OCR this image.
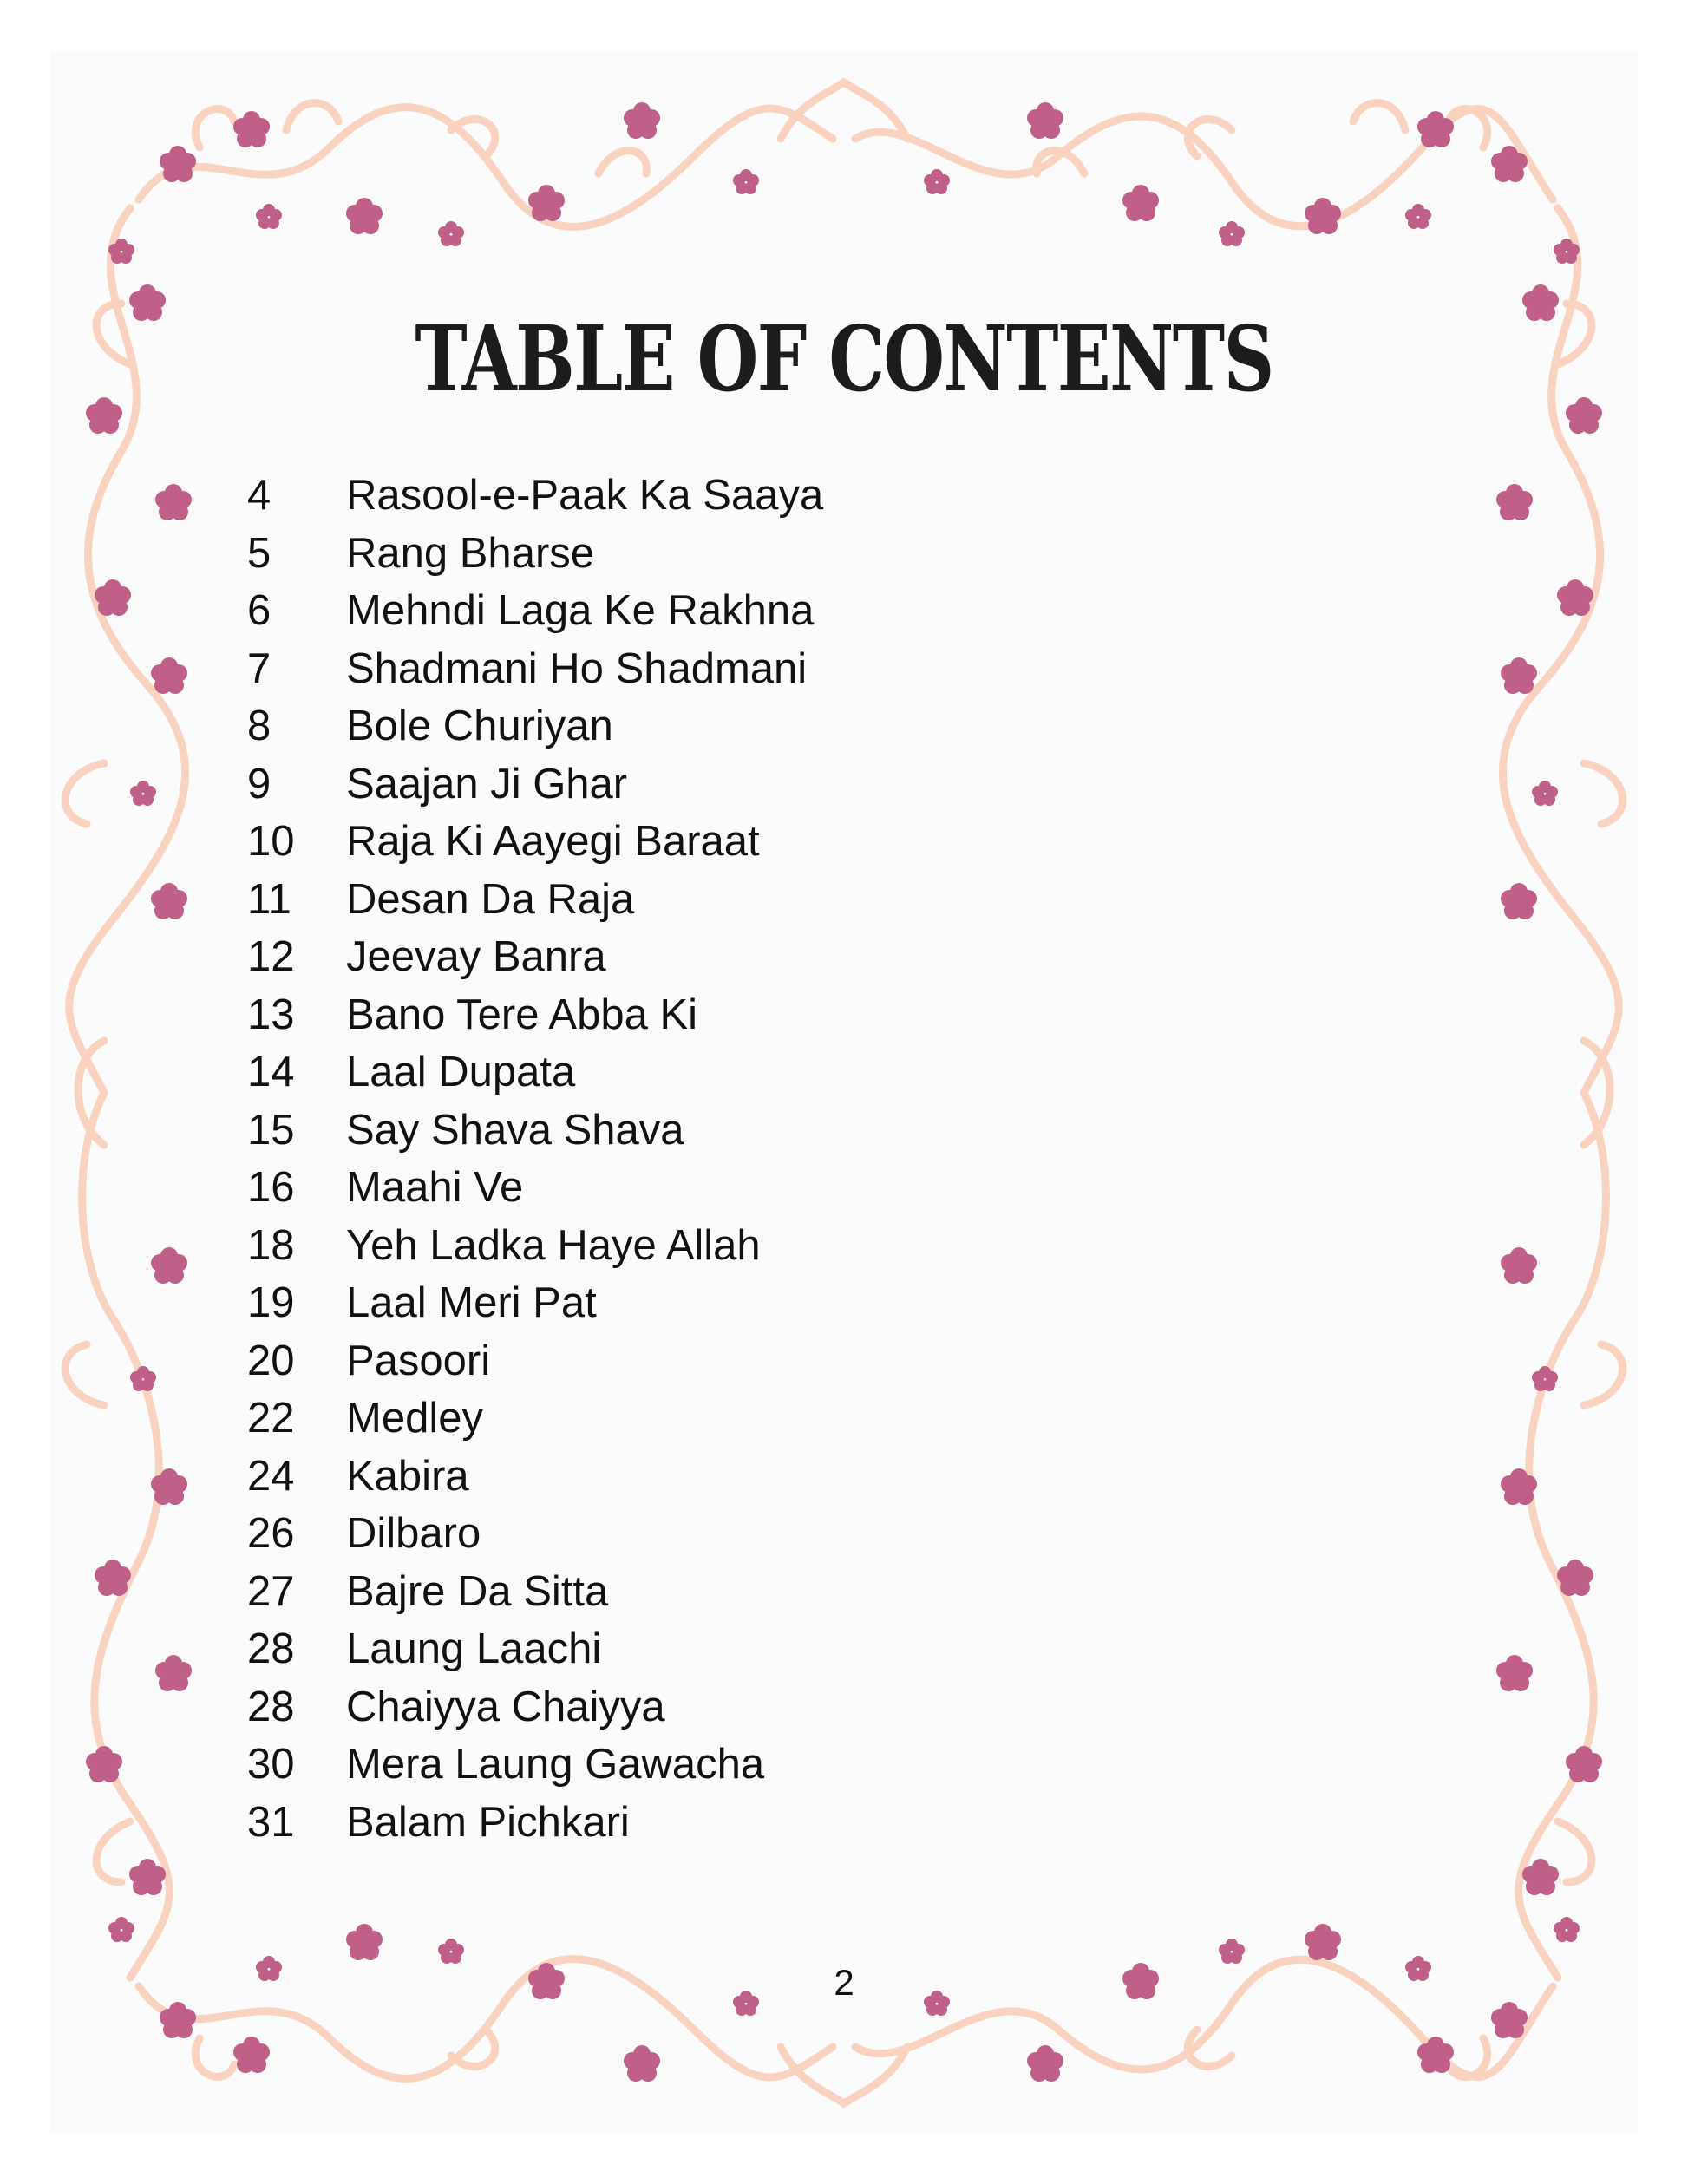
TABLE OF CONTENTS
4 Rasool-e-Paak Ka Saaya
5 Rang Bharse
6 Mehndi Laga Ke Rakhna
7 Shadmani Ho Shadmani
8 Bole Churiyan
9 Saajan Ji Ghar
10 Raja Ki Aayegi Baraat
11 Desan Da Raja
12 Jeevay Banra
13 Bano Tere Abba Ki
14 Laal Dupata
15 Say Shava Shava
16 Maahi Ve
18 Yeh Ladka Haye Allah
19 Laal Meri Pat
20 Pasoori
22 Medley
24 Kabira
26 Dilbaro
27 Bajre Da Sitta
28 Laung Laachi
28 Chaiyya Chaiyya
30 Mera Laung Gawacha
31 Balam Pichkari
2
